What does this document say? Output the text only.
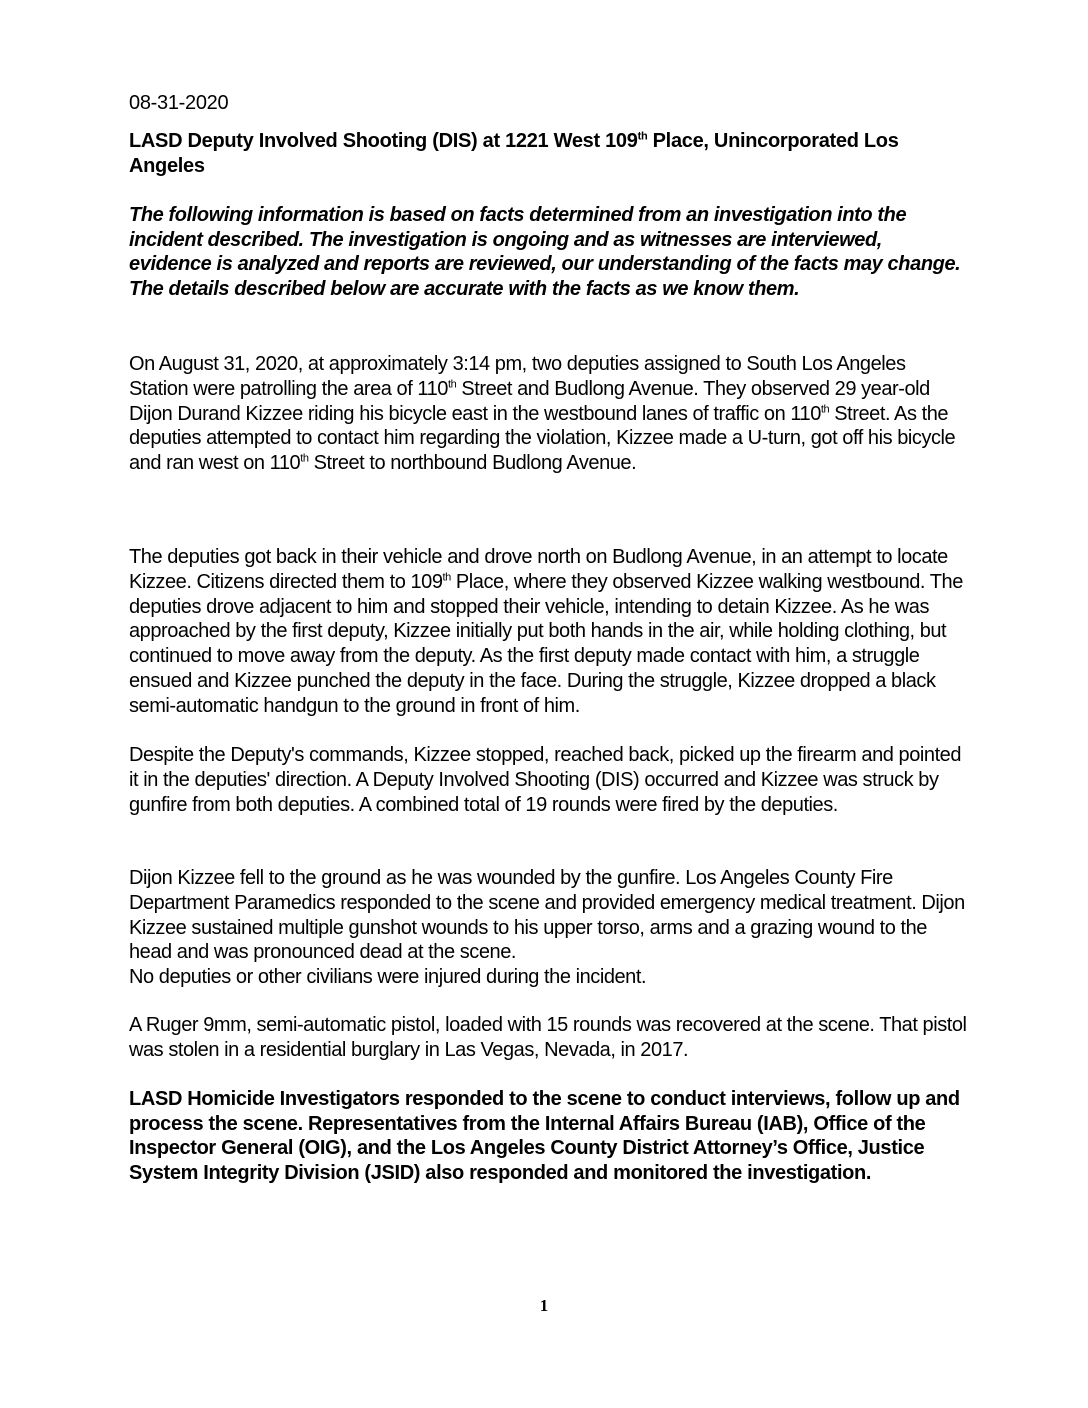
08-31-2020
LASD Deputy Involved Shooting (DIS) at 1221 West 109th Place, Unincorporated Los Angeles
The following information is based on facts determined from an investigation into the incident described. The investigation is ongoing and as witnesses are interviewed, evidence is analyzed and reports are reviewed, our understanding of the facts may change. The details described below are accurate with the facts as we know them.

On August 31, 2020, at approximately 3:14 pm, two deputies assigned to South Los Angeles Station were patrolling the area of 110th Street and Budlong Avenue. They observed 29 year-old Dijon Durand Kizzee riding his bicycle east in the westbound lanes of traffic on 110th Street. As the deputies attempted to contact him regarding the violation, Kizzee made a U-turn, got off his bicycle and ran west on 110th Street to northbound Budlong Avenue.

The deputies got back in their vehicle and drove north on Budlong Avenue, in an attempt to locate Kizzee. Citizens directed them to 109th Place, where they observed Kizzee walking westbound. The deputies drove adjacent to him and stopped their vehicle, intending to detain Kizzee. As he was approached by the first deputy, Kizzee initially put both hands in the air, while holding clothing, but continued to move away from the deputy. As the first deputy made contact with him, a struggle ensued and Kizzee punched the deputy in the face. During the struggle, Kizzee dropped a black semi-automatic handgun to the ground in front of him.

Despite the Deputy's commands, Kizzee stopped, reached back, picked up the firearm and pointed it in the deputies' direction. A Deputy Involved Shooting (DIS) occurred and Kizzee was struck by gunfire from both deputies. A combined total of 19 rounds were fired by the deputies.

Dijon Kizzee fell to the ground as he was wounded by the gunfire. Los Angeles County Fire Department Paramedics responded to the scene and provided emergency medical treatment. Dijon Kizzee sustained multiple gunshot wounds to his upper torso, arms and a grazing wound to the head and was pronounced dead at the scene.
No deputies or other civilians were injured during the incident.

A Ruger 9mm, semi-automatic pistol, loaded with 15 rounds was recovered at the scene. That pistol was stolen in a residential burglary in Las Vegas, Nevada, in 2017.

LASD Homicide Investigators responded to the scene to conduct interviews, follow up and process the scene. Representatives from the Internal Affairs Bureau (IAB), Office of the Inspector General (OIG), and the Los Angeles County District Attorney’s Office, Justice System Integrity Division (JSID) also responded and monitored the investigation.

1
